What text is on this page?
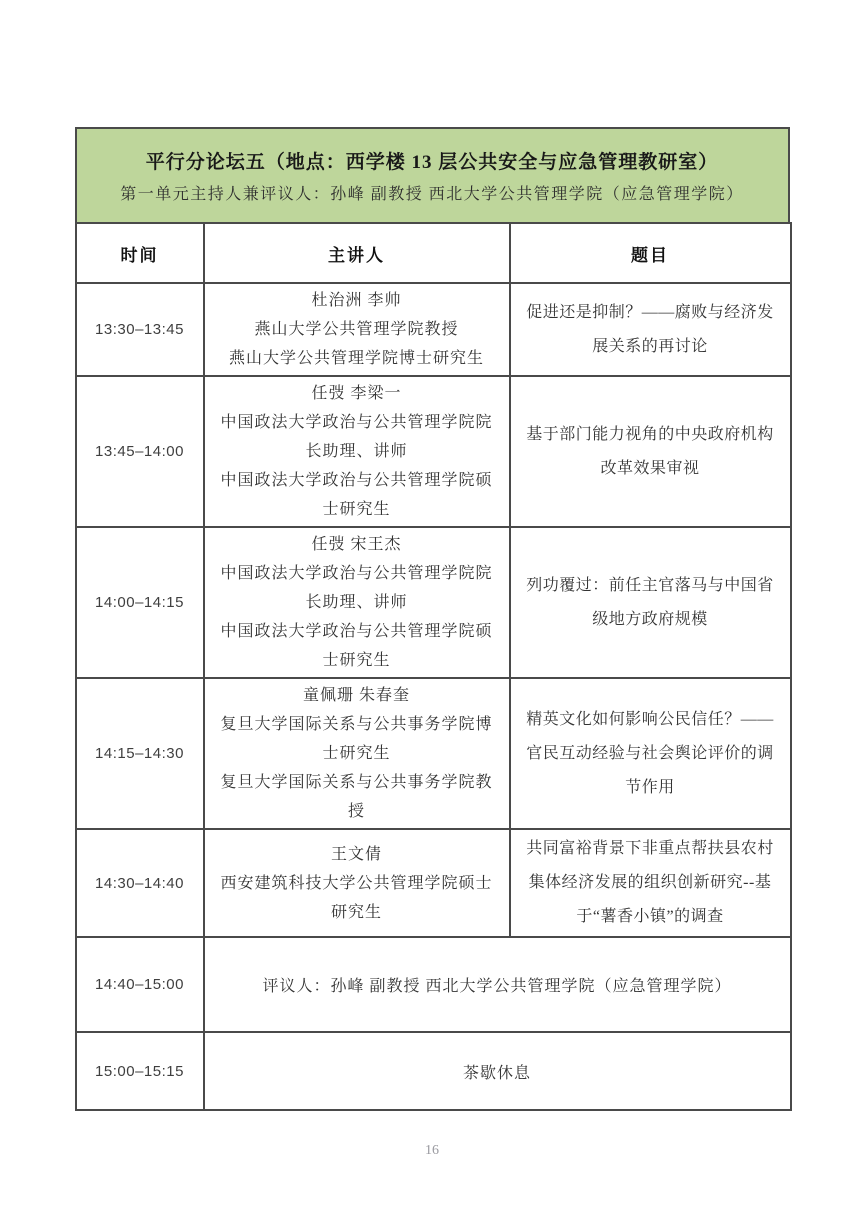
平行分论坛五（地点：西学楼 13 层公共安全与应急管理教研室）
第一单元主持人兼评议人：孙峰 副教授 西北大学公共管理学院（应急管理学院）
时间	主讲人	题目
13:30–13:45	杜治洲 李帅
燕山大学公共管理学院教授
燕山大学公共管理学院博士研究生	促进还是抑制？——腐败与经济发展关系的再讨论
13:45–14:00	任弢 李梁一
中国政法大学政治与公共管理学院院长助理、讲师
中国政法大学政治与公共管理学院硕士研究生	基于部门能力视角的中央政府机构改革效果审视
14:00–14:15	任弢 宋王杰
中国政法大学政治与公共管理学院院长助理、讲师
中国政法大学政治与公共管理学院硕士研究生	列功覆过：前任主官落马与中国省级地方政府规模
14:15–14:30	童佩珊 朱春奎
复旦大学国际关系与公共事务学院博士研究生
复旦大学国际关系与公共事务学院教授	精英文化如何影响公民信任？——官民互动经验与社会舆论评价的调节作用
14:30–14:40	王文倩
西安建筑科技大学公共管理学院硕士研究生	共同富裕背景下非重点帮扶县农村集体经济发展的组织创新研究--基于“薯香小镇”的调查
14:40–15:00	评议人：孙峰 副教授 西北大学公共管理学院（应急管理学院）	
15:00–15:15	茶歇休息	
16
